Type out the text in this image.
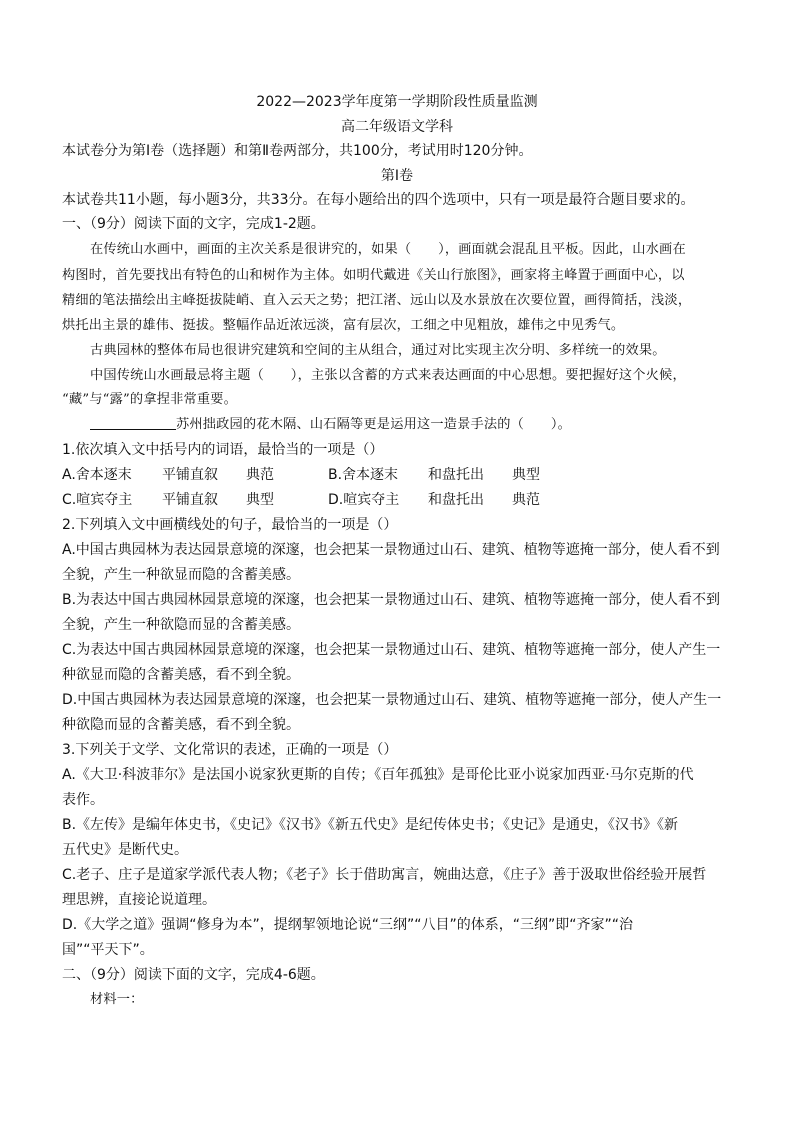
2022—2023学年度第一学期阶段性质量监测
高二年级语文学科
本试卷分为第Ⅰ卷（选择题）和第Ⅱ卷两部分，共100分，考试用时120分钟。
第Ⅰ卷
本试卷共11小题，每小题3分，共33分。在每小题给出的四个选项中，只有一项是最符合题目要求的。
一、（9分）阅读下面的文字，完成1-2题。
在传统山水画中，画面的主次关系是很讲究的，如果（　　），画面就会混乱且平板。因此，山水画在
构图时，首先要找出有特色的山和树作为主体。如明代戴进《关山行旅图》，画家将主峰置于画面中心，以
精细的笔法描绘出主峰挺拔陡峭、直入云天之势；把江渚、远山以及水景放在次要位置，画得简括，浅淡，
烘托出主景的雄伟、挺拔。整幅作品近浓远淡，富有层次，工细之中见粗放，雄伟之中见秀气。
古典园林的整体布局也很讲究建筑和空间的主从组合，通过对比实现主次分明、多样统一的效果。
中国传统山水画最忌将主题（　　），主张以含蓄的方式来表达画面的中心思想。要把握好这个火候，
“藏”与“露”的拿捏非常重要。
苏州拙政园的花木隔、山石隔等更是运用这一造景手法的（　　）。
1.依次填入文中括号内的词语，最恰当的一项是（）
A.舍本逐末 平铺直叙 典范	B.舍本逐末 和盘托出 典型
C.喧宾夺主 平铺直叙 典型	D.喧宾夺主 和盘托出 典范
2.下列填入文中画横线处的句子，最恰当的一项是（）
A.中国古典园林为表达园景意境的深邃，也会把某一景物通过山石、建筑、植物等遮掩一部分，使人看不到
全貌，产生一种欲显而隐的含蓄美感。
B.为表达中国古典园林园景意境的深邃，也会把某一景物通过山石、建筑、植物等遮掩一部分，使人看不到
全貌，产生一种欲隐而显的含蓄美感。
C.为表达中国古典园林园景意境的深邃，也会把某一景物通过山石、建筑、植物等遮掩一部分，使人产生一
种欲显而隐的含蓄美感，看不到全貌。
D.中国古典园林为表达园景意境的深邃，也会把某一景物通过山石、建筑、植物等遮掩一部分，使人产生一
种欲隐而显的含蓄美感，看不到全貌。
3.下列关于文学、文化常识的表述，正确的一项是（）
A.《大卫·科波菲尔》是法国小说家狄更斯的自传；《百年孤独》是哥伦比亚小说家加西亚·马尔克斯的代
表作。
B.《左传》是编年体史书，《史记》《汉书》《新五代史》是纪传体史书；《史记》是通史，《汉书》《新
五代史》是断代史。
C.老子、庄子是道家学派代表人物；《老子》长于借助寓言，婉曲达意，《庄子》善于汲取世俗经验开展哲
理思辨，直接论说道理。
D.《大学之道》强调“修身为本”，提纲挈领地论说“三纲”“八目”的体系，“三纲”即“齐家”“治
国”“平天下”。
二、（9分）阅读下面的文字，完成4-6题。
材料一：
